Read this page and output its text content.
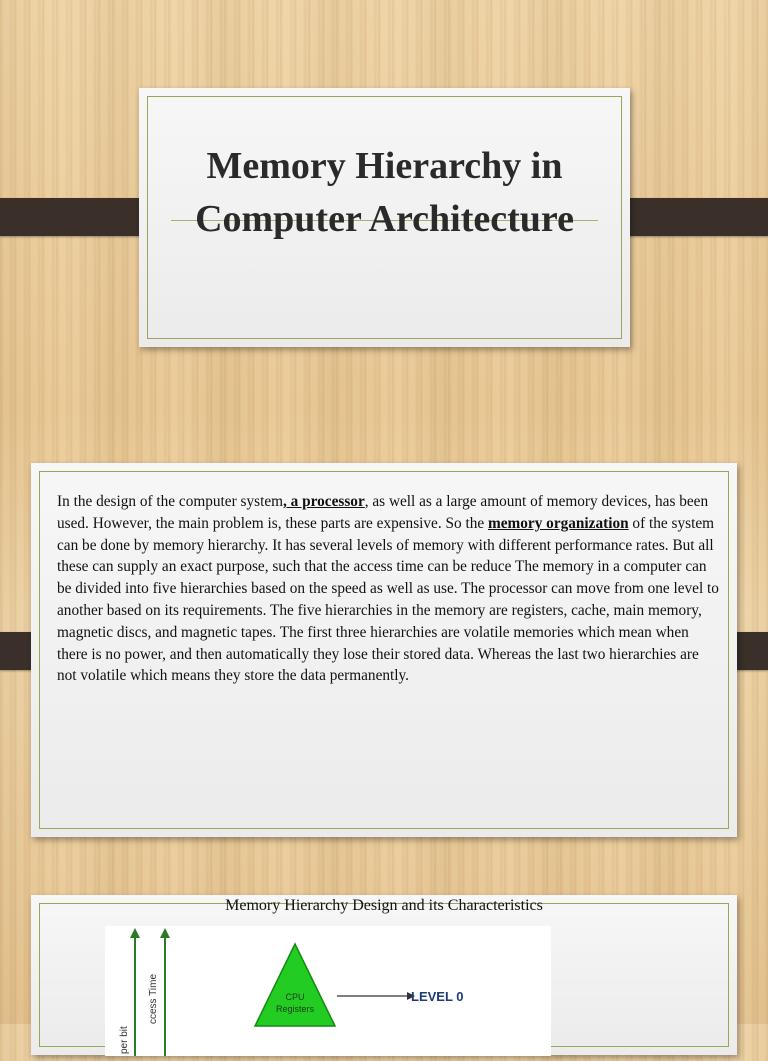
Memory Hierarchy in Computer Architecture

In the design of the computer system, a processor, as well as a large amount of memory devices, has been used. However, the main problem is, these parts are expensive. So the memory organization of the system can be done by memory hierarchy. It has several levels of memory with different performance rates. But all these can supply an exact purpose, such that the access time can be reduce The memory in a computer can be divided into five hierarchies based on the speed as well as use. The processor can move from one level to another based on its requirements. The five hierarchies in the memory are registers, cache, main memory, magnetic discs, and magnetic tapes. The first three hierarchies are volatile memories which mean when there is no power, and then automatically they lose their stored data. Whereas the last two hierarchies are not volatile which means they store the data permanently.

Memory Hierarchy Design and its Characteristics
per bit
ccess Time	CPU
Registers
LEVEL 0
